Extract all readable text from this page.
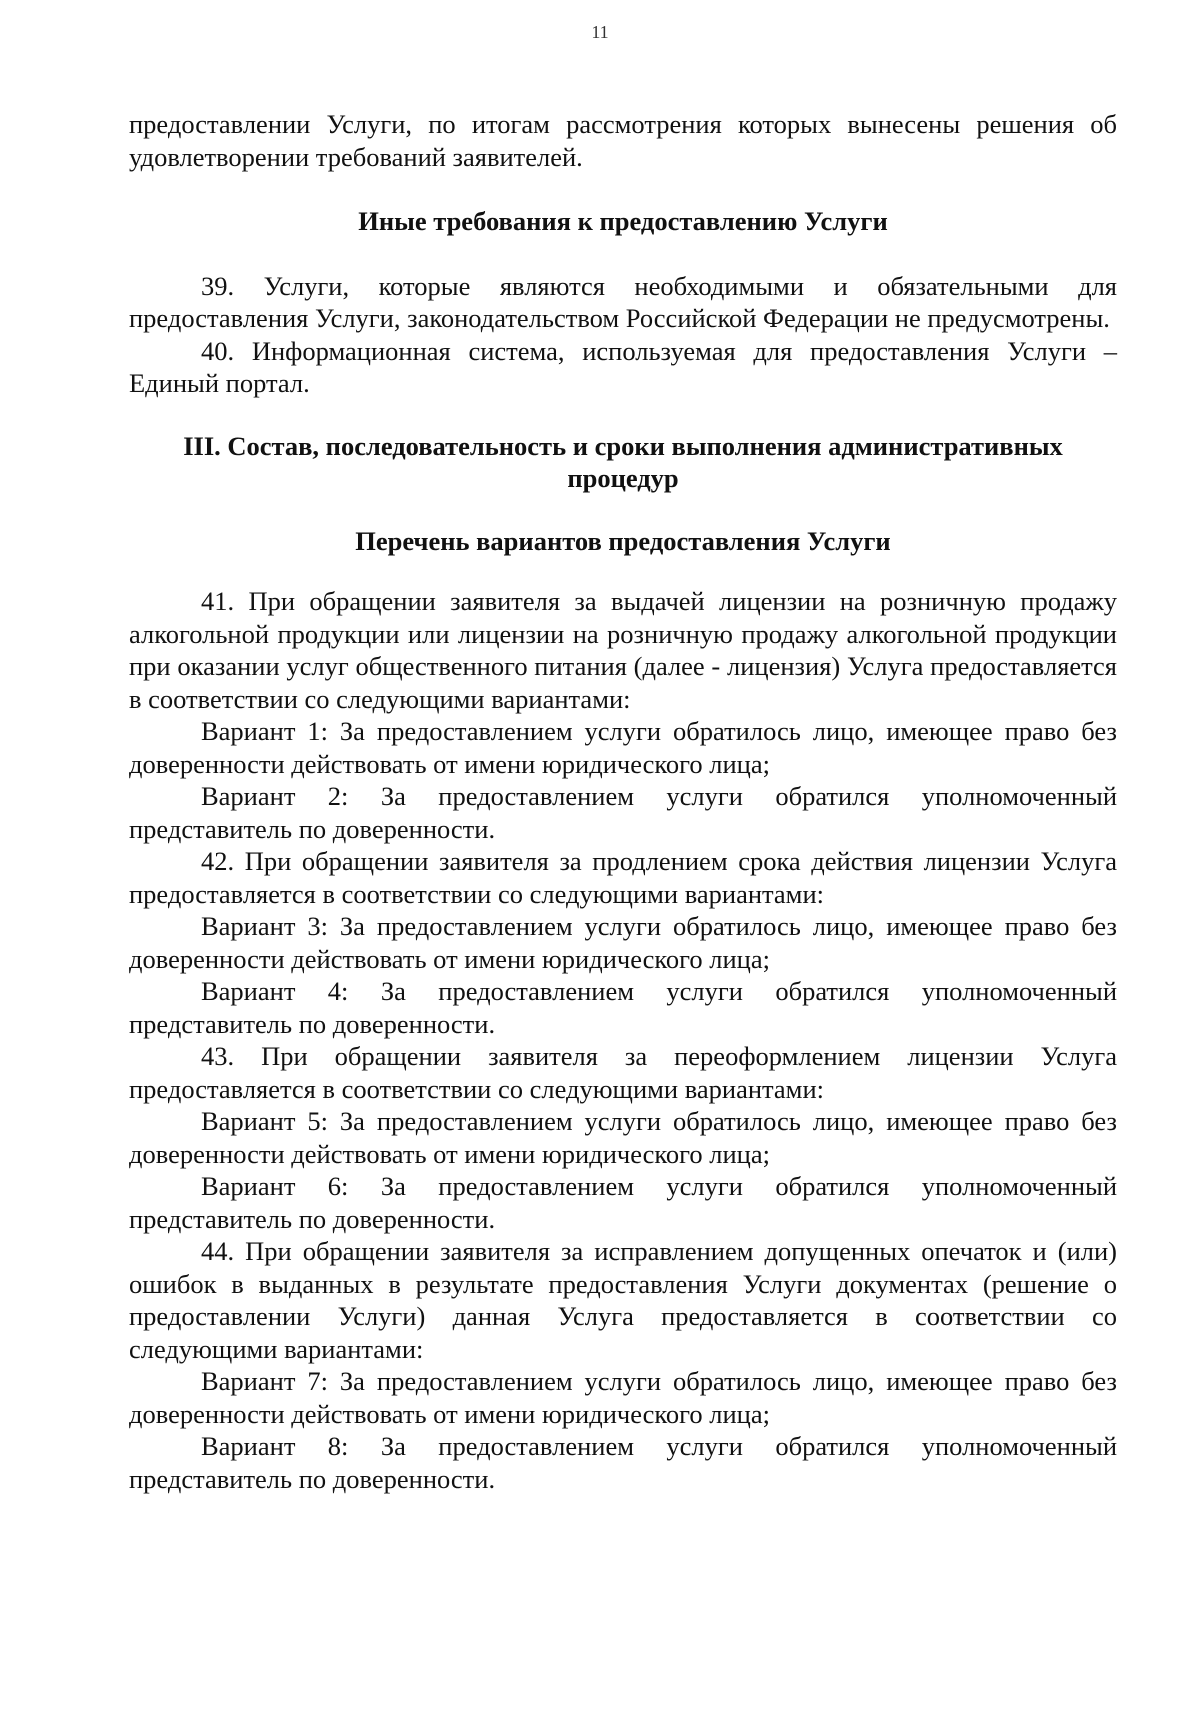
11

предоставлении Услуги, по итогам рассмотрения которых вынесены решения об удовлетворении требований заявителей.

Иные требования к предоставлению Услуги

39. Услуги, которые являются необходимыми и обязательными для предоставления Услуги, законодательством Российской Федерации не предусмотрены.

40. Информационная система, используемая для предоставления Услуги – Единый портал.

III. Состав, последовательность и сроки выполнения административных
процедур
Перечень вариантов предоставления Услуги

41. При обращении заявителя за выдачей лицензии на розничную продажу алкогольной продукции или лицензии на розничную продажу алкогольной продукции при оказании услуг общественного питания (далее - лицензия) Услуга предоставляется в соответствии со следующими вариантами:

Вариант 1: За предоставлением услуги обратилось лицо, имеющее право без доверенности действовать от имени юридического лица;

Вариант 2: За предоставлением услуги обратился уполномоченный представитель по доверенности.

42. При обращении заявителя за продлением срока действия лицензии Услуга предоставляется в соответствии со следующими вариантами:

Вариант 3: За предоставлением услуги обратилось лицо, имеющее право без доверенности действовать от имени юридического лица;

Вариант 4: За предоставлением услуги обратился уполномоченный представитель по доверенности.

43. При обращении заявителя за переоформлением лицензии Услуга предоставляется в соответствии со следующими вариантами:

Вариант 5: За предоставлением услуги обратилось лицо, имеющее право без доверенности действовать от имени юридического лица;

Вариант 6: За предоставлением услуги обратился уполномоченный представитель по доверенности.

44. При обращении заявителя за исправлением допущенных опечаток и (или) ошибок в выданных в результате предоставления Услуги документах (решение о предоставлении Услуги) данная Услуга предоставляется в соответствии со следующими вариантами:

Вариант 7: За предоставлением услуги обратилось лицо, имеющее право без доверенности действовать от имени юридического лица;

Вариант 8: За предоставлением услуги обратился уполномоченный представитель по доверенности.
